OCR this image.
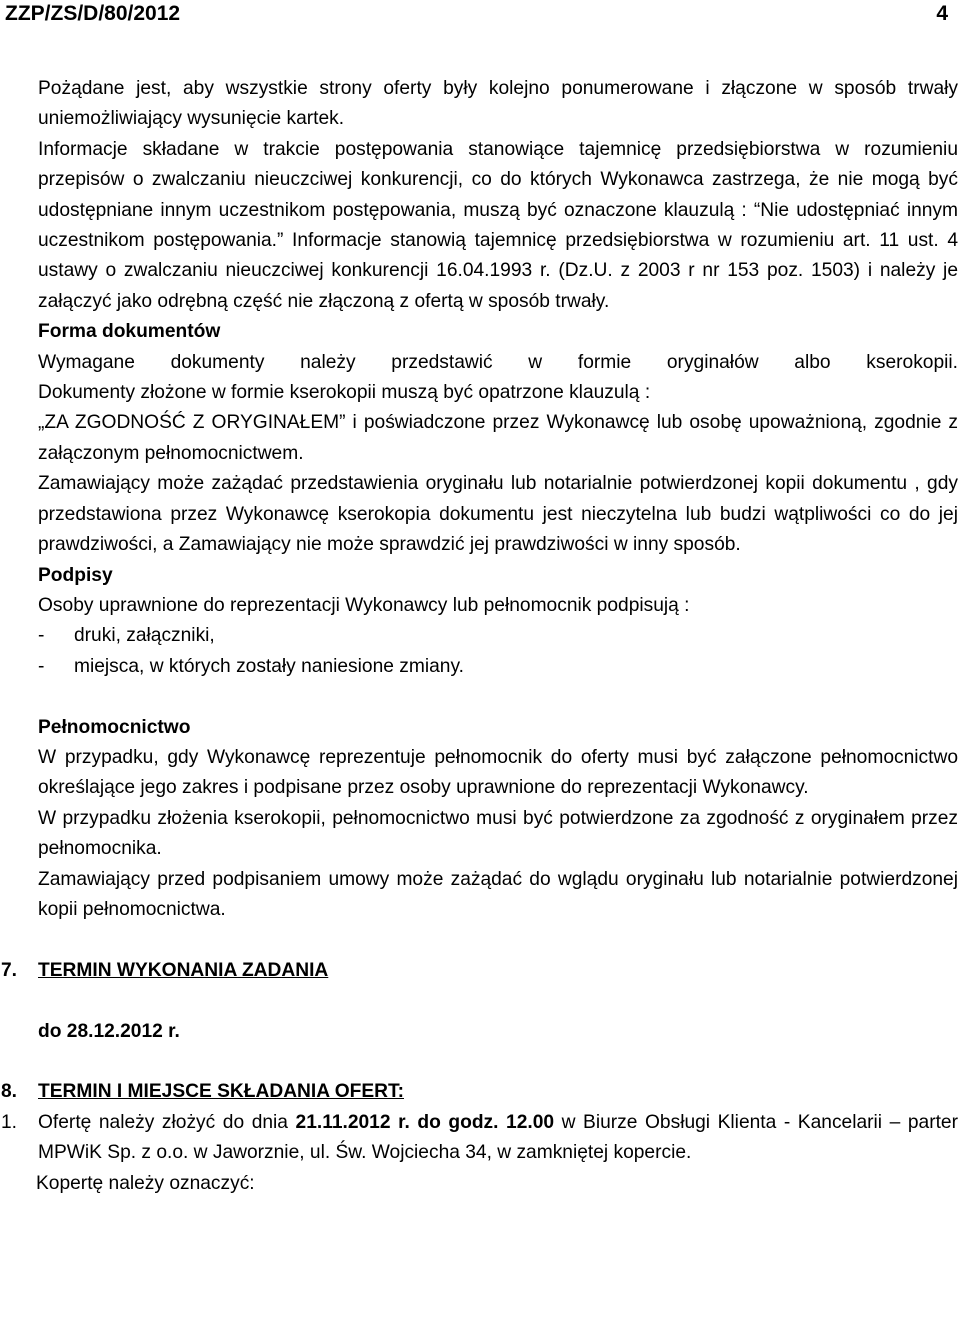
ZZP/ZS/D/80/2012	4

Pożądane jest, aby wszystkie strony oferty były kolejno ponumerowane i złączone w sposób trwały uniemożliwiający wysunięcie kartek.

Informacje składane w trakcie postępowania stanowiące tajemnicę przedsiębiorstwa w rozumieniu przepisów o zwalczaniu nieuczciwej konkurencji, co do których Wykonawca zastrzega, że nie mogą być udostępniane innym uczestnikom postępowania, muszą być oznaczone klauzulą : “Nie udostępniać innym uczestnikom postępowania.” Informacje stanowią tajemnicę przedsiębiorstwa w rozumieniu art. 11 ust. 4 ustawy o zwalczaniu nieuczciwej konkurencji 16.04.1993 r. (Dz.U. z 2003 r nr 153 poz. 1503) i należy je załączyć jako odrębną część nie złączoną z ofertą w sposób trwały.

Forma dokumentów

Wymagane dokumenty należy przedstawić w formie oryginałów albo kserokopii.

Dokumenty złożone w formie kserokopii muszą być opatrzone klauzulą :

„ZA ZGODNOŚĆ Z ORYGINAŁEM” i poświadczone przez Wykonawcę lub osobę upoważnioną, zgodnie z załączonym pełnomocnictwem.

Zamawiający może zażądać przedstawienia oryginału lub notarialnie potwierdzonej kopii dokumentu , gdy przedstawiona przez Wykonawcę kserokopia dokumentu jest nieczytelna lub budzi wątpliwości co do jej prawdziwości, a Zamawiający nie może sprawdzić jej prawdziwości w inny sposób.

Podpisy

Osoby uprawnione do reprezentacji Wykonawcy lub pełnomocnik podpisują :

-	druki, załączniki,
-	miejsca, w których zostały naniesione zmiany.

Pełnomocnictwo

W przypadku, gdy Wykonawcę reprezentuje pełnomocnik do oferty musi być załączone pełnomocnictwo określające jego zakres i podpisane przez osoby uprawnione do reprezentacji Wykonawcy.

W przypadku złożenia kserokopii, pełnomocnictwo musi być potwierdzone za zgodność z oryginałem przez pełnomocnika.

Zamawiający przed podpisaniem umowy może zażądać do wglądu oryginału lub notarialnie potwierdzonej kopii pełnomocnictwa.

7.	TERMIN WYKONANIA ZADANIA

do 28.12.2012 r.

8.	TERMIN I MIEJSCE SKŁADANIA OFERT:
1.	Ofertę należy złożyć do dnia 21.11.2012 r. do godz. 12.00 w Biurze Obsługi Klienta - Kancelarii – parter MPWiK Sp. z o.o. w Jaworznie, ul. Św. Wojciecha 34, w zamkniętej kopercie.

Kopertę należy oznaczyć:
